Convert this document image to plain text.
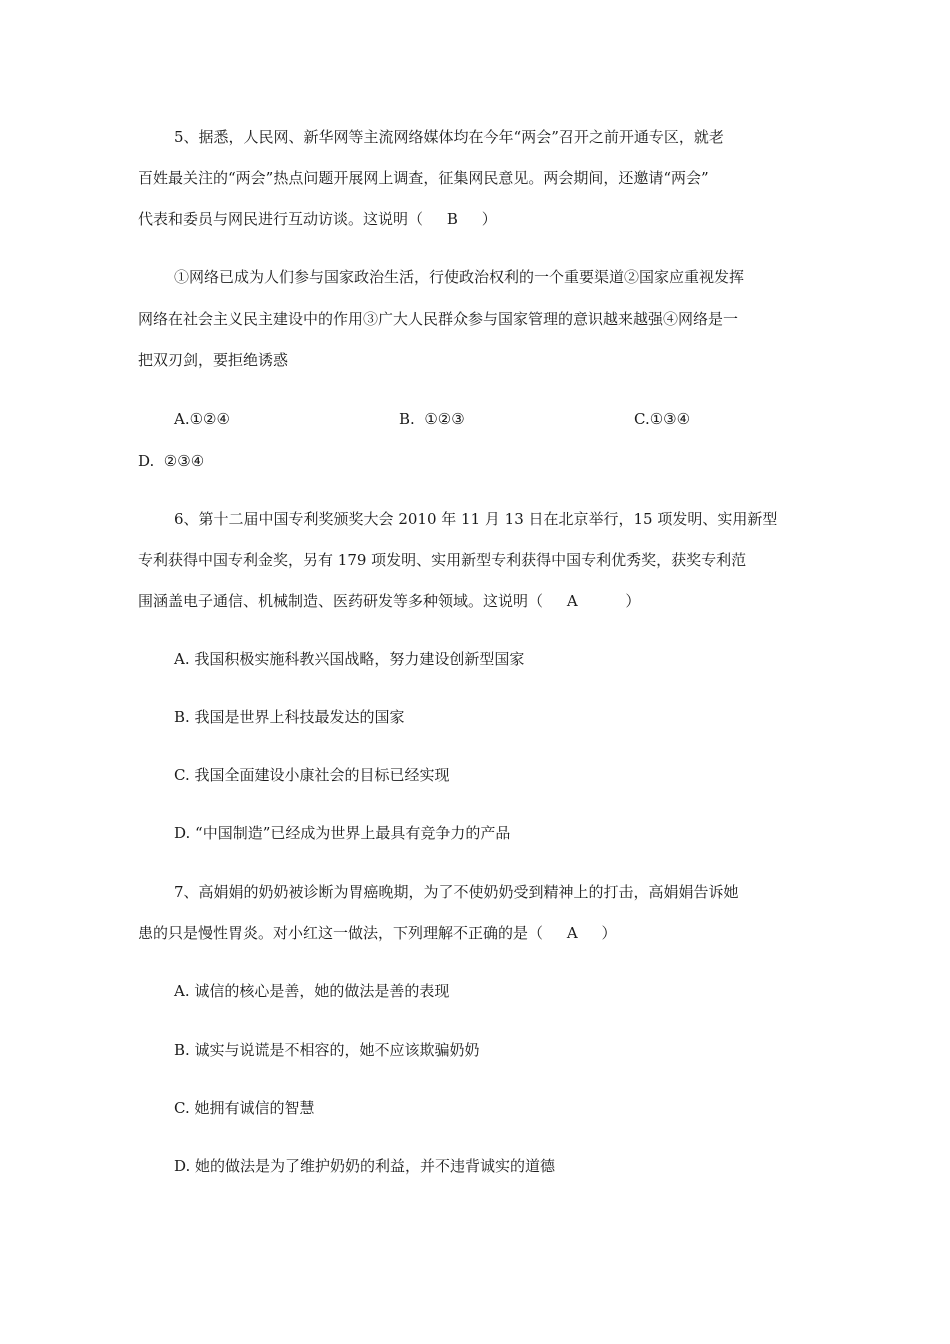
5、据悉，人民网、新华网等主流网络媒体均在今年“两会”召开之前开通专区，就老
百姓最关注的“两会”热点问题开展网上调查，征集网民意见。两会期间，还邀请“两会”
代表和委员与网民进行互动访谈。这说明（     B     ）
①网络已成为人们参与国家政治生活，行使政治权利的一个重要渠道②国家应重视发挥
网络在社会主义民主建设中的作用③广大人民群众参与国家管理的意识越来越强④网络是一
把双刃剑，要拒绝诱惑
A.①②④	B.  ①②③	C.①③④
D.  ②③④
6、第十二届中国专利奖颁奖大会 2010 年 11 月 13 日在北京举行，15 项发明、实用新型
专利获得中国专利金奖，另有 179 项发明、实用新型专利获得中国专利优秀奖，获奖专利范
围涵盖电子通信、机械制造、医药研发等多种领域。这说明（     A          ）
A. 我国积极实施科教兴国战略，努力建设创新型国家
B. 我国是世界上科技最发达的国家
C. 我国全面建设小康社会的目标已经实现
D. “中国制造”已经成为世界上最具有竞争力的产品
7、高娟娟的奶奶被诊断为胃癌晚期，为了不使奶奶受到精神上的打击，高娟娟告诉她
患的只是慢性胃炎。对小红这一做法，下列理解不正确的是（     A     ）
A. 诚信的核心是善，她的做法是善的表现
B. 诚实与说谎是不相容的，她不应该欺骗奶奶
C. 她拥有诚信的智慧
D. 她的做法是为了维护奶奶的利益，并不违背诚实的道德
